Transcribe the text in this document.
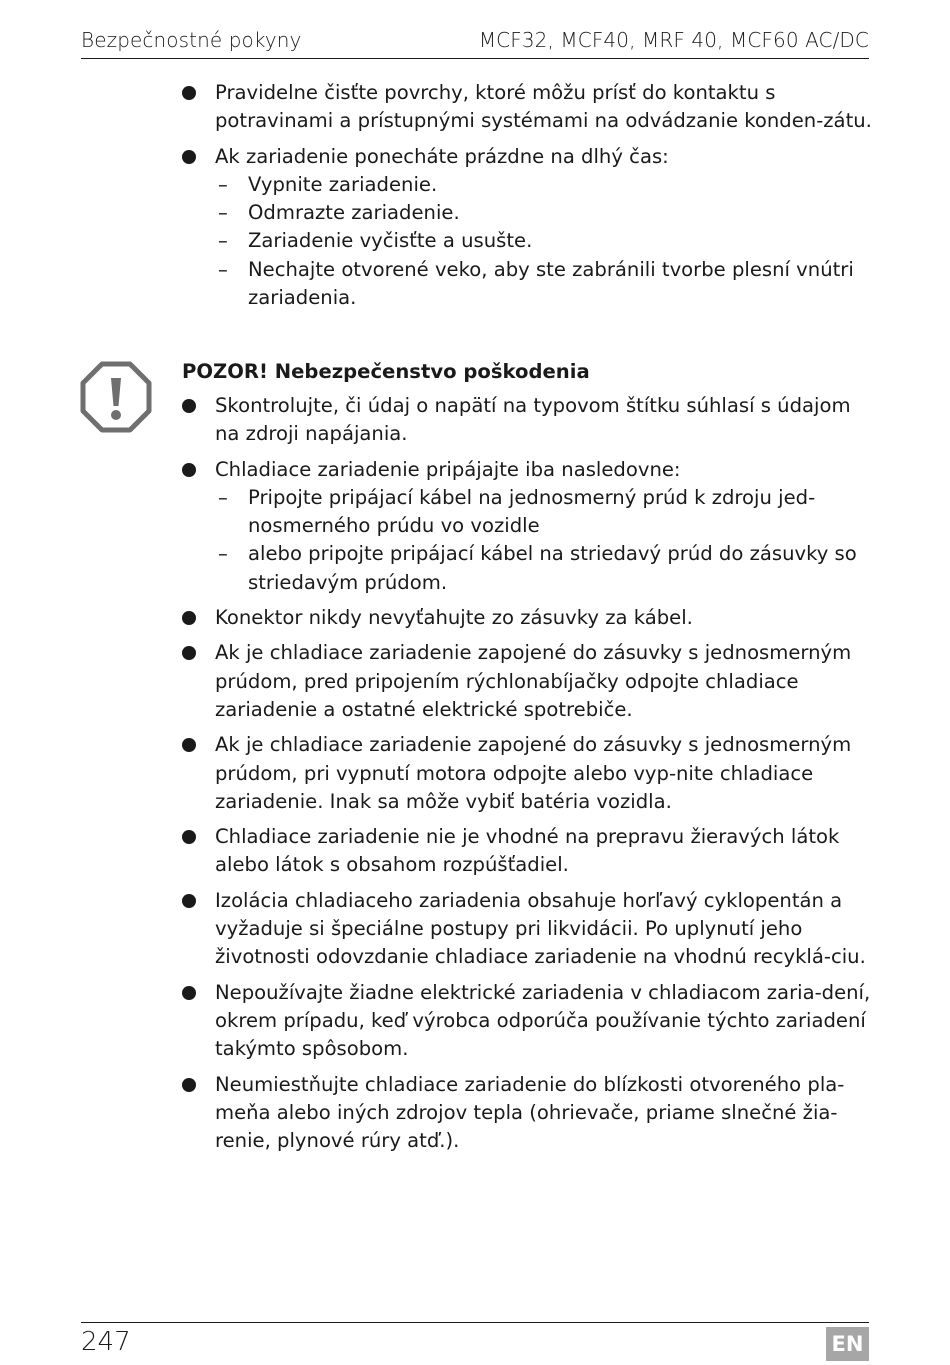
Bezpečnostné pokyny	MCF32, MCF40, MRF 40, MCF60 AC/DC
Pravidelne čisťte povrchy, ktoré môžu prísť do kontaktu s potravinami a prístupnými systémami na odvádzanie konden-zátu.
Ak zariadenie ponecháte prázdne na dlhý čas:
– Vypnite zariadenie.
– Odmrazte zariadenie.
– Zariadenie vyčisťte a usušte.
– Nechajte otvorené veko, aby ste zabránili tvorbe plesní vnútri zariadenia.
POZOR! Nebezpečenstvo poškodenia
Skontrolujte, či údaj o napätí na typovom štítku súhlasí s údajom na zdroji napájania.
Chladiace zariadenie pripájajte iba nasledovne:
– Pripojte pripájací kábel na jednosmerný prúd k zdroju jed-nosmerného prúdu vo vozidle
– alebo pripojte pripájací kábel na striedavý prúd do zásuvky so striedavým prúdom.
Konektor nikdy nevyťahujte zo zásuvky za kábel.
Ak je chladiace zariadenie zapojené do zásuvky s jednosmerným prúdom, pred pripojením rýchlonabíjačky odpojte chladiace zariadenie a ostatné elektrické spotrebiče.
Ak je chladiace zariadenie zapojené do zásuvky s jednosmerným prúdom, pri vypnutí motora odpojte alebo vyp-nite chladiace zariadenie. Inak sa môže vybiť batéria vozidla.
Chladiace zariadenie nie je vhodné na prepravu žieravých látok alebo látok s obsahom rozpúšťadiel.
Izolácia chladiaceho zariadenia obsahuje horľavý cyklopentán a vyžaduje si špeciálne postupy pri likvidácii. Po uplynutí jeho životnosti odovzdanie chladiace zariadenie na vhodnú recyklá-ciu.
Nepoužívajte žiadne elektrické zariadenia v chladiacom zaria-dení, okrem prípadu, keď výrobca odporúča používanie týchto zariadení takýmto spôsobom.
Neumiestňujte chladiace zariadenie do blízkosti otvoreného pla-meňa alebo iných zdrojov tepla (ohrievače, priame slnečné žia-renie, plynové rúry atď.).
247	EN
